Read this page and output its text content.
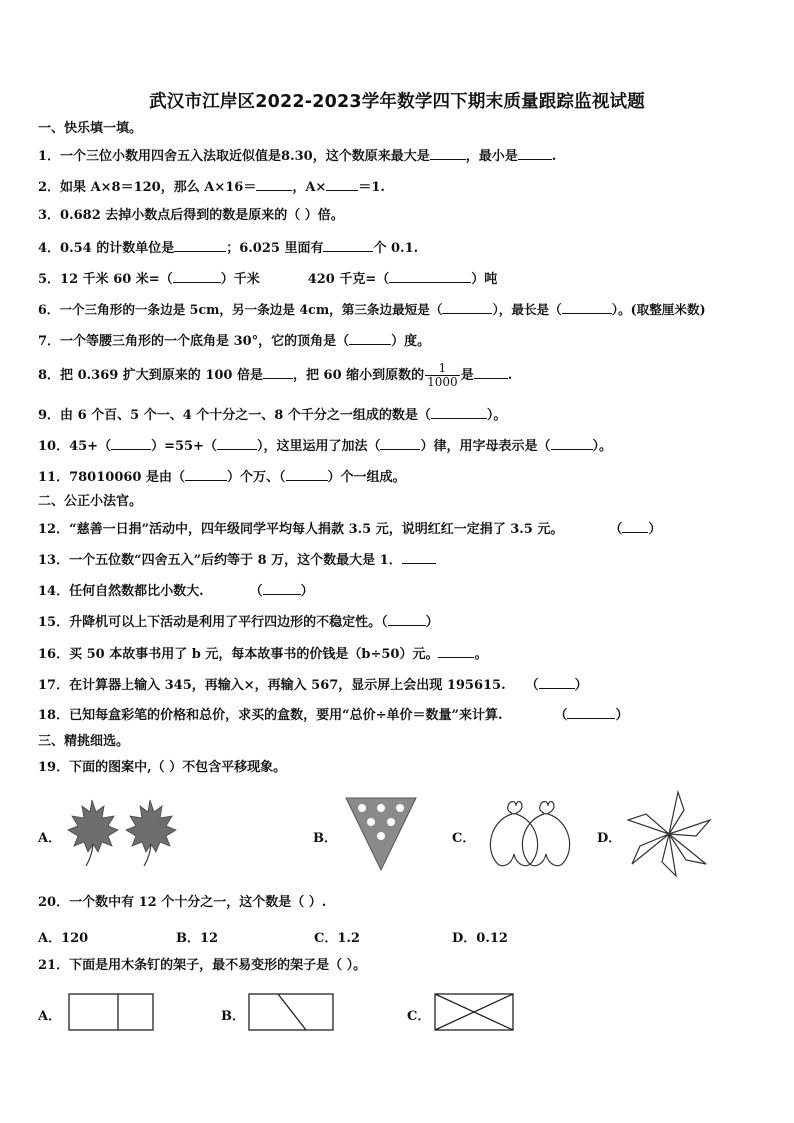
武汉市江岸区2022-2023学年数学四下期末质量跟踪监视试题
一、快乐填一填。
1．一个三位小数用四舍五入法取近似值是8.30，这个数原来最大是	，最小是	.
2．如果 A×8＝120，那么 A×16＝	，A× ＝1.
3．0.682 去掉小数点后得到的数是原来的（ ）倍。
4．0.54 的计数单位是	；6.025 里面有	个 0.1.
5．12 千米 60 米=（	）千米	420 千克=（	）吨
6．一个三角形的一条边是 5cm，另一条边是 4cm，第三条边最短是（	），最长是（	）。(取整厘米数)
7．一个等腰三角形的一个底角是 30°，它的顶角是（	）度。
8．把 0.369 扩大到原来的 100 倍是 ，把 60 缩小到原数的 $\frac{1}{1000}$ 是	.
9．由 6 个百、5 个一、4 个十分之一、8 个千分之一组成的数是（	）。
10．45+（	）=55+（	），这里运用了加法（	）律，用字母表示是（	）。
11．78010060 是由（	）个万、（	）个一组成。
二、公正小法官。
12．“慈善一日捐”活动中，四年级同学平均每人捐款 3.5 元，说明红红一定捐了 3.5 元。	（ ）
13．一个五位数“四舍五入”后约等于 8 万，这个数最大是 1．
14．任何自然数都比小数大.	（	）
15．升降机可以上下活动是利用了平行四边形的不稳定性。（	）
16．买 50 本故事书用了 b 元，每本故事书的价钱是（b÷50）元。	。
17．在计算器上输入 345，再输入×，再输入 567，显示屏上会出现 195615. （	）
18．已知每盒彩笔的价格和总价，求买的盒数，要用“总价÷单价＝数量”来计算.	（	）
三、精挑细选。
19．下面的图案中,（ ）不包含平移现象。
A．	B．	C．	D．
20．一个数中有 12 个十分之一，这个数是（ ）.
A．120	B．12	C．1.2	D．0.12
21．下面是用木条钉的架子，最不易变形的架子是（ ）。
A．	B．	C．
